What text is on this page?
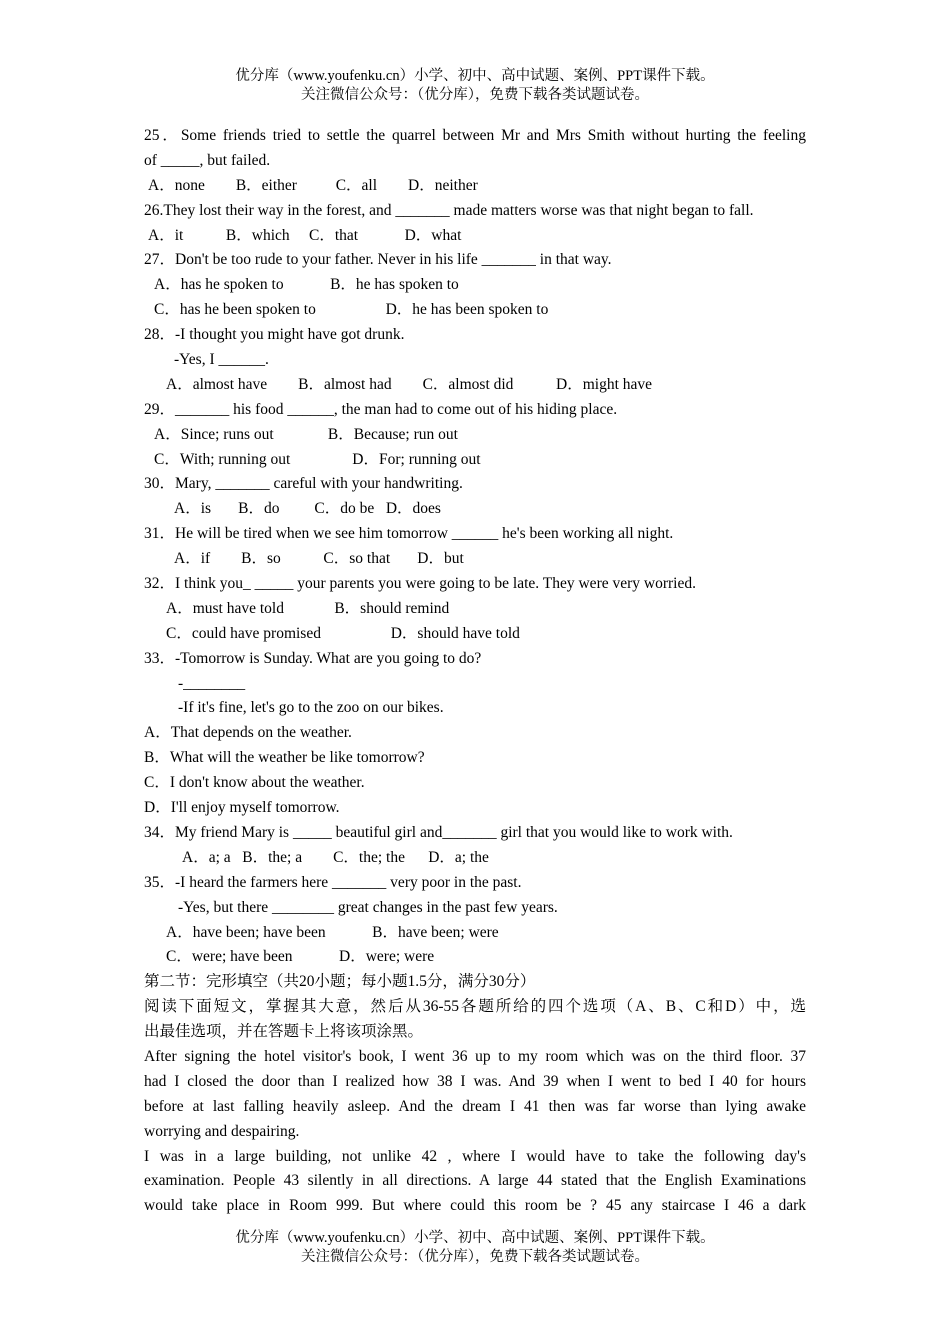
优分库（www.youfenku.cn）小学、初中、高中试题、案例、PPT课件下载。
关注微信公众号：（优分库），免费下载各类试题试卷。
25．Some friends tried to settle the quarrel between Mr and Mrs Smith without hurting the feeling
of _____, but failed.
A．none        B．either          C．all        D．neither
26.They lost their way in the forest, and _______ made matters worse was that night began to fall.
A．it           B．which     C．that            D．what
27．Don't be too rude to your father. Never in his life _______ in that way.
A．has he spoken to            B．he has spoken to
C．has he been spoken to                  D．he has been spoken to
28．-I thought you might have got drunk.
-Yes, I ______.
A．almost have        B．almost had        C．almost did           D．might have
29．_______ his food ______, the man had to come out of his hiding place.
A．Since; runs out              B．Because; run out
C．With; running out                D．For; running out
30．Mary, _______ careful with your handwriting.
A．is       B．do         C．do be   D．does
31．He will be tired when we see him tomorrow ______ he's been working all night.
A．if        B．so           C．so that       D．but
32．I think you_ _____ your parents you were going to be late. They were very worried.
A．must have told             B．should remind
C．could have promised                  D．should have told
33．-Tomorrow is Sunday. What are you going to do?
-________
-If it's fine, let's go to the zoo on our bikes.
A．That depends on the weather.
B．What will the weather be like tomorrow?
C．I don't know about the weather.
D．I'll enjoy myself tomorrow.
34．My friend Mary is _____ beautiful girl and_______ girl that you would like to work with.
A．a; a   B．the; a        C．the; the      D．a; the
35．-I heard the farmers here _______ very poor in the past.
-Yes, but there ________ great changes in the past few years.
A．have been; have been            B．have been; were
C．were; have been            D．were; were
第二节：完形填空（共20小题；每小题1.5分，满分30分）
阅读下面短文，掌握其大意，然后从36-55各题所给的四个选项（A、B、C和D）中，选
出最佳选项，并在答题卡上将该项涂黑。
After signing the hotel visitor's book, I went 36 up to my room which was on the third floor. 37
had I closed the door than I realized how 38 I was. And 39 when I went to bed I 40 for hours
before at last falling heavily asleep. And the dream I 41 then was far worse than lying awake
worrying and despairing.
I was in a large building, not unlike 42 , where I would have to take the following day's
examination. People 43 silently in all directions. A large 44 stated that the English Examinations
would take place in Room 999. But where could this room be ? 45 any staircase I 46 a dark
优分库（www.youfenku.cn）小学、初中、高中试题、案例、PPT课件下载。
关注微信公众号：（优分库），免费下载各类试题试卷。
